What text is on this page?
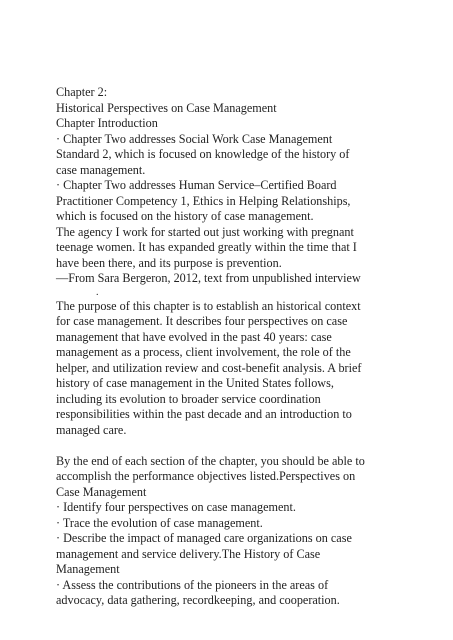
Chapter 2:
Historical Perspectives on Case Management
Chapter Introduction
· Chapter Two addresses Social Work Case Management
Standard 2, which is focused on knowledge of the history of
case management.
· Chapter Two addresses Human Service–Certified Board
Practitioner Competency 1, Ethics in Helping Relationships,
which is focused on the history of case management.
The agency I work for started out just working with pregnant
teenage women. It has expanded greatly within the time that I
have been there, and its purpose is prevention.
—From Sara Bergeron, 2012, text from unpublished interview
.
The purpose of this chapter is to establish an historical context
for case management. It describes four perspectives on case
management that have evolved in the past 40 years: case
management as a process, client involvement, the role of the
helper, and utilization review and cost-benefit analysis. A brief
history of case management in the United States follows,
including its evolution to broader service coordination
responsibilities within the past decade and an introduction to
managed care.
By the end of each section of the chapter, you should be able to
accomplish the performance objectives listed.Perspectives on
Case Management
· Identify four perspectives on case management.
· Trace the evolution of case management.
· Describe the impact of managed care organizations on case
management and service delivery.The History of Case
Management
· Assess the contributions of the pioneers in the areas of
advocacy, data gathering, recordkeeping, and cooperation.
